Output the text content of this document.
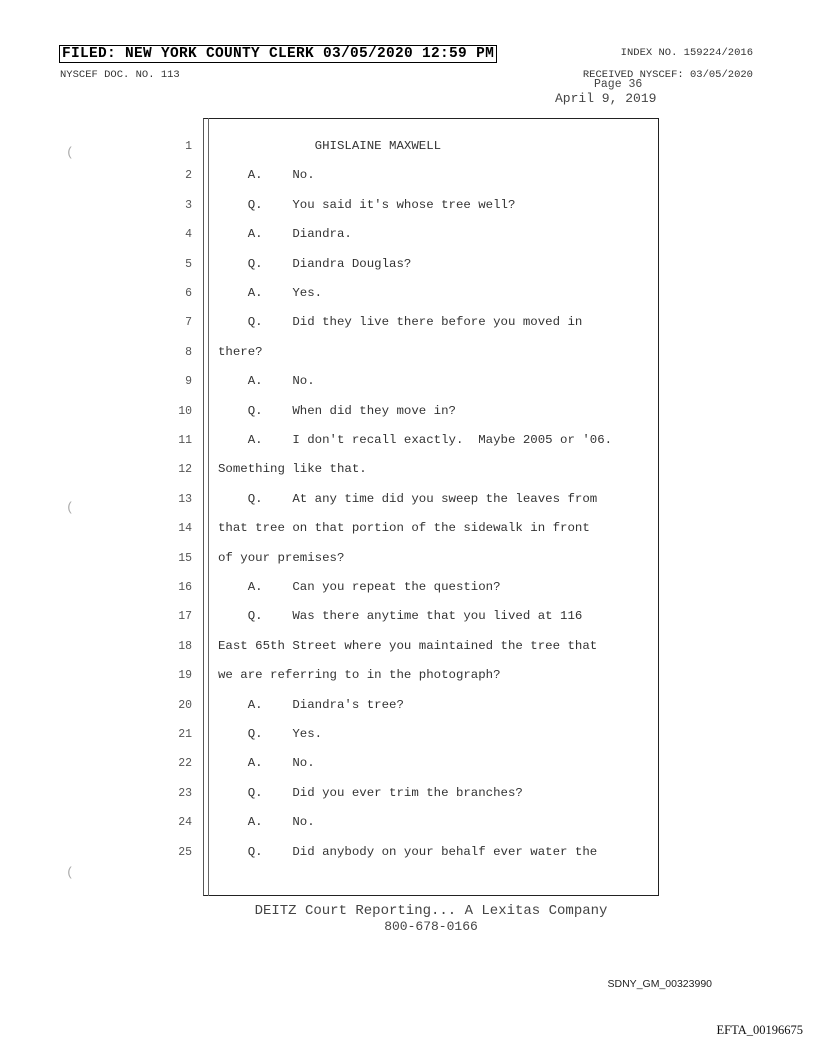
FILED: NEW YORK COUNTY CLERK 03/05/2020 12:59 PM
NYSCEF DOC. NO. 113
INDEX NO. 159224/2016
RECEIVED NYSCEF: 03/05/2020
Page 36
April 9, 2019
(
(
(
1 GHISLAINE MAXWELL
2 A.    No.
3 Q.    You said it's whose tree well?
4 A.    Diandra.
5 Q.    Diandra Douglas?
6 A.    Yes.
7 Q.    Did they live there before you moved in
8 there?
9 A.    No.
10 Q.    When did they move in?
11 A.    I don't recall exactly.  Maybe 2005 or '06.
12 Something like that.
13 Q.    At any time did you sweep the leaves from
14 that tree on that portion of the sidewalk in front
15 of your premises?
16 A.    Can you repeat the question?
17 Q.    Was there anytime that you lived at 116
18 East 65th Street where you maintained the tree that
19 we are referring to in the photograph?
20 A.    Diandra's tree?
21 Q.    Yes.
22 A.    No.
23 Q.    Did you ever trim the branches?
24 A.    No.
25 Q.    Did anybody on your behalf ever water the
DEITZ Court Reporting... A Lexitas Company
800-678-0166
SDNY_GM_00323990
EFTA_00196675
